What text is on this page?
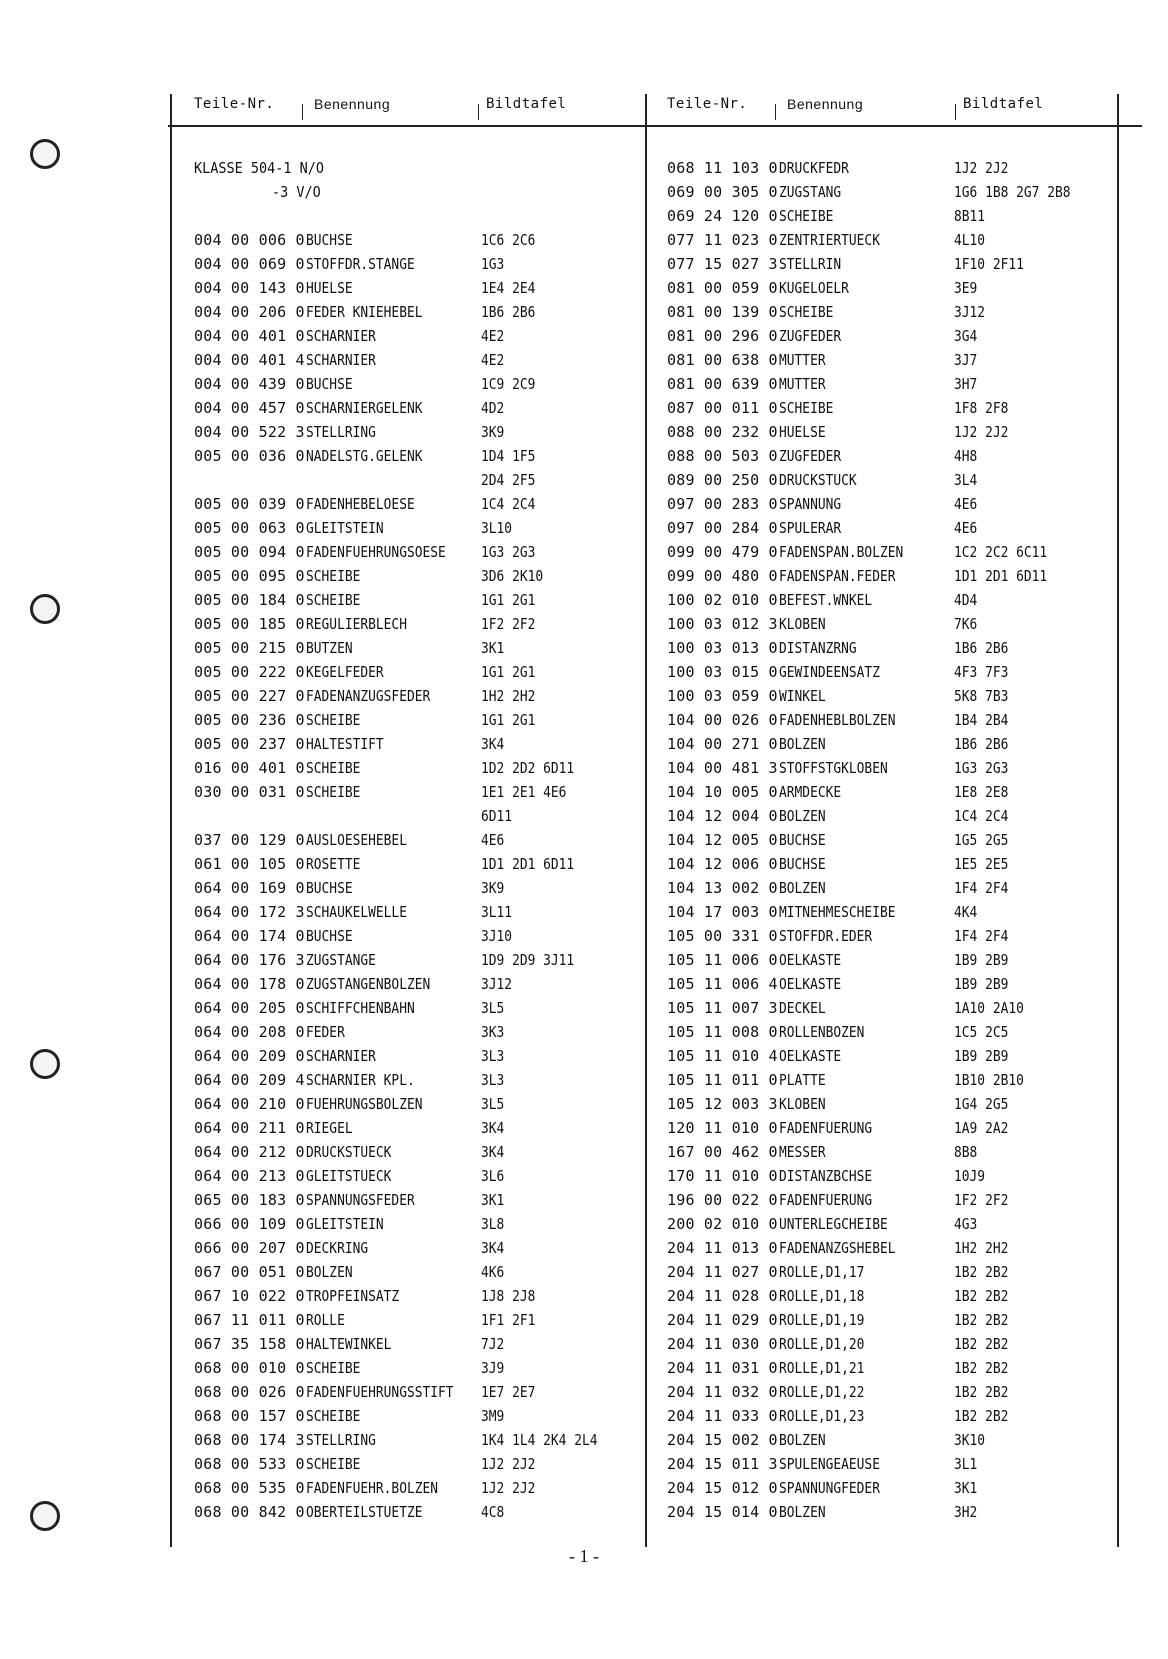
Teile-Nr.	Benennung	Bildtafel	Teile-Nr.	Benennung	Bildtafel
KLASSE 504-1 N/O
-3 V/O
004 00 006 0 BUCHSE	1C6 2C6
004 00 069 0 STOFFDR.STANGE	1G3
004 00 143 0 HUELSE	1E4 2E4
004 00 206 0 FEDER KNIEHEBEL	1B6 2B6
004 00 401 0 SCHARNIER	4E2
004 00 401 4 SCHARNIER	4E2
004 00 439 0 BUCHSE	1C9 2C9
004 00 457 0 SCHARNIERGELENK	4D2
004 00 522 3 STELLRING	3K9
005 00 036 0 NADELSTG.GELENK	1D4 1F5
2D4 2F5
005 00 039 0 FADENHEBELOESE	1C4 2C4
005 00 063 0 GLEITSTEIN	3L10
005 00 094 0 FADENFUEHRUNGSOESE	1G3 2G3
005 00 095 0 SCHEIBE	3D6 2K10
005 00 184 0 SCHEIBE	1G1 2G1
005 00 185 0 REGULIERBLECH	1F2 2F2
005 00 215 0 BUTZEN	3K1
005 00 222 0 KEGELFEDER	1G1 2G1
005 00 227 0 FADENANZUGSFEDER	1H2 2H2
005 00 236 0 SCHEIBE	1G1 2G1
005 00 237 0 HALTESTIFT	3K4
016 00 401 0 SCHEIBE	1D2 2D2 6D11
030 00 031 0 SCHEIBE	1E1 2E1 4E6
6D11
037 00 129 0 AUSLOESEHEBEL	4E6
061 00 105 0 ROSETTE	1D1 2D1 6D11
064 00 169 0 BUCHSE	3K9
064 00 172 3 SCHAUKELWELLE	3L11
064 00 174 0 BUCHSE	3J10
064 00 176 3 ZUGSTANGE	1D9 2D9 3J11
064 00 178 0 ZUGSTANGENBOLZEN	3J12
064 00 205 0 SCHIFFCHENBAHN	3L5
064 00 208 0 FEDER	3K3
064 00 209 0 SCHARNIER	3L3
064 00 209 4 SCHARNIER KPL.	3L3
064 00 210 0 FUEHRUNGSBOLZEN	3L5
064 00 211 0 RIEGEL	3K4
064 00 212 0 DRUCKSTUECK	3K4
064 00 213 0 GLEITSTUECK	3L6
065 00 183 0 SPANNUNGSFEDER	3K1
066 00 109 0 GLEITSTEIN	3L8
066 00 207 0 DECKRING	3K4
067 00 051 0 BOLZEN	4K6
067 10 022 0 TROPFEINSATZ	1J8 2J8
067 11 011 0 ROLLE	1F1 2F1
067 35 158 0 HALTEWINKEL	7J2
068 00 010 0 SCHEIBE	3J9
068 00 026 0 FADENFUEHRUNGSSTIFT 1E7 2E7
068 00 157 0 SCHEIBE	3M9
068 00 174 3 STELLRING	1K4 1L4 2K4 2L4
068 00 533 0 SCHEIBE	1J2 2J2
068 00 535 0 FADENFUEHR.BOLZEN	1J2 2J2
068 00 842 0 OBERTEILSTUETZE	4C8
068 11 103 0 DRUCKFEDR	1J2 2J2
069 00 305 0 ZUGSTANG	1G6 1B8 2G7 2B8
069 24 120 0 SCHEIBE	8B11
077 11 023 0 ZENTRIERTUECK	4L10
077 15 027 3 STELLRIN	1F10 2F11
081 00 059 0 KUGELOELR	3E9
081 00 139 0 SCHEIBE	3J12
081 00 296 0 ZUGFEDER	3G4
081 00 638 0 MUTTER	3J7
081 00 639 0 MUTTER	3H7
087 00 011 0 SCHEIBE	1F8 2F8
088 00 232 0 HUELSE	1J2 2J2
088 00 503 0 ZUGFEDER	4H8
089 00 250 0 DRUCKSTUCK	3L4
097 00 283 0 SPANNUNG	4E6
097 00 284 0 SPULERAR	4E6
099 00 479 0 FADENSPAN.BOLZEN	1C2 2C2 6C11
099 00 480 0 FADENSPAN.FEDER	1D1 2D1 6D11
100 02 010 0 BEFEST.WNKEL	4D4
100 03 012 3 KLOBEN	7K6
100 03 013 0 DISTANZRNG	1B6 2B6
100 03 015 0 GEWINDEENSATZ	4F3 7F3
100 03 059 0 WINKEL	5K8 7B3
104 00 026 0 FADENHEBLBOLZEN	1B4 2B4
104 00 271 0 BOLZEN	1B6 2B6
104 00 481 3 STOFFSTGKLOBEN	1G3 2G3
104 10 005 0 ARMDECKE	1E8 2E8
104 12 004 0 BOLZEN	1C4 2C4
104 12 005 0 BUCHSE	1G5 2G5
104 12 006 0 BUCHSE	1E5 2E5
104 13 002 0 BOLZEN	1F4 2F4
104 17 003 0 MITNEHMESCHEIBE	4K4
105 00 331 0 STOFFDR.EDER	1F4 2F4
105 11 006 0 OELKASTE	1B9 2B9
105 11 006 4 OELKASTE	1B9 2B9
105 11 007 3 DECKEL	1A10 2A10
105 11 008 0 ROLLENBOZEN	1C5 2C5
105 11 010 4 OELKASTE	1B9 2B9
105 11 011 0 PLATTE	1B10 2B10
105 12 003 3 KLOBEN	1G4 2G5
120 11 010 0 FADENFUERUNG	1A9 2A2
167 00 462 0 MESSER	8B8
170 11 010 0 DISTANZBCHSE	10J9
196 00 022 0 FADENFUERUNG	1F2 2F2
200 02 010 0 UNTERLEGCHEIBE	4G3
204 11 013 0 FADENANZGSHEBEL	1H2 2H2
204 11 027 0 ROLLE,D1,17	1B2 2B2
204 11 028 0 ROLLE,D1,18	1B2 2B2
204 11 029 0 ROLLE,D1,19	1B2 2B2
204 11 030 0 ROLLE,D1,20	1B2 2B2
204 11 031 0 ROLLE,D1,21	1B2 2B2
204 11 032 0 ROLLE,D1,22	1B2 2B2
204 11 033 0 ROLLE,D1,23	1B2 2B2
204 15 002 0 BOLZEN	3K10
204 15 011 3 SPULENGEAEUSE	3L1
204 15 012 0 SPANNUNGFEDER	3K1
204 15 014 0 BOLZEN	3H2
- 1 -
